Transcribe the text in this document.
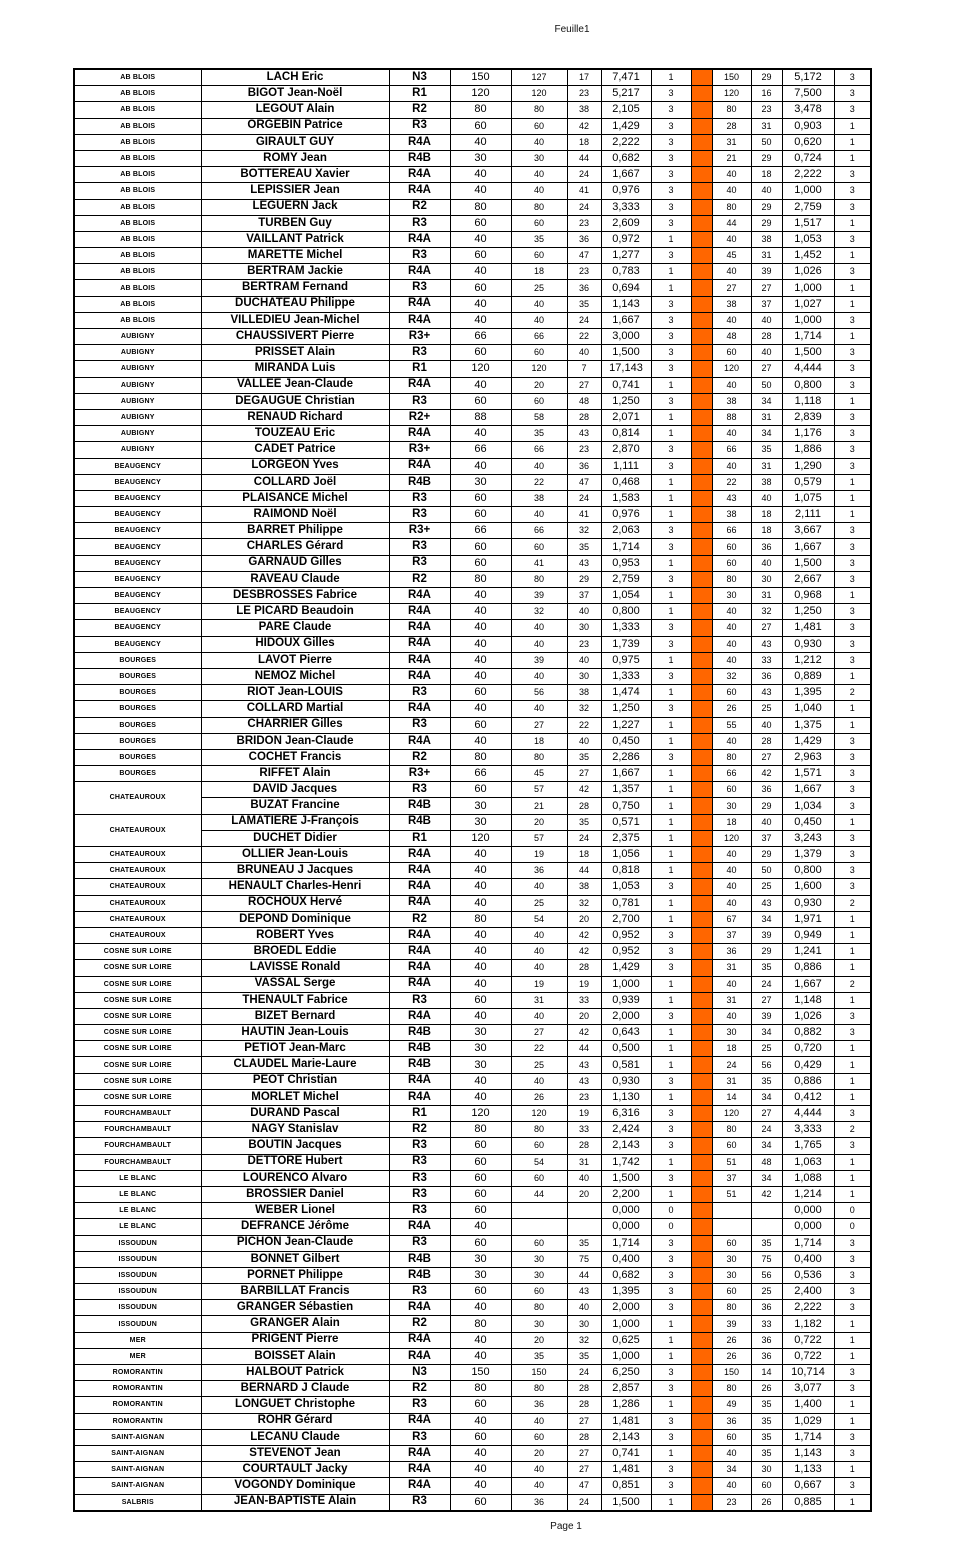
Feuille1
AB BLOIS	LACH Eric	N3	150	127	17	7,471	1		150	29	5,172	3
AB BLOIS	BIGOT Jean-Noël	R1	120	120	23	5,217	3		120	16	7,500	3
AB BLOIS	LEGOUT Alain	R2	80	80	38	2,105	3		80	23	3,478	3
AB BLOIS	ORGEBIN Patrice	R3	60	60	42	1,429	3		28	31	0,903	1
AB BLOIS	GIRAULT GUY	R4A	40	40	18	2,222	3		31	50	0,620	1
AB BLOIS	ROMY Jean	R4B	30	30	44	0,682	3		21	29	0,724	1
AB BLOIS	BOTTEREAU Xavier	R4A	40	40	24	1,667	3		40	18	2,222	3
AB BLOIS	LEPISSIER Jean	R4A	40	40	41	0,976	3		40	40	1,000	3
AB BLOIS	LEGUERN Jack	R2	80	80	24	3,333	3		80	29	2,759	3
AB BLOIS	TURBEN Guy	R3	60	60	23	2,609	3		44	29	1,517	1
AB BLOIS	VAILLANT Patrick	R4A	40	35	36	0,972	1		40	38	1,053	3
AB BLOIS	MARETTE Michel	R3	60	60	47	1,277	3		45	31	1,452	1
AB BLOIS	BERTRAM Jackie	R4A	40	18	23	0,783	1		40	39	1,026	3
AB BLOIS	BERTRAM Fernand	R3	60	25	36	0,694	1		27	27	1,000	1
AB BLOIS	DUCHATEAU Philippe	R4A	40	40	35	1,143	3		38	37	1,027	1
AB BLOIS	VILLEDIEU Jean-Michel	R4A	40	40	24	1,667	3		40	40	1,000	3
AUBIGNY	CHAUSSIVERT Pierre	R3+	66	66	22	3,000	3		48	28	1,714	1
AUBIGNY	PRISSET Alain	R3	60	60	40	1,500	3		60	40	1,500	3
AUBIGNY	MIRANDA Luis	R1	120	120	7	17,143	3		120	27	4,444	3
AUBIGNY	VALLEE Jean-Claude	R4A	40	20	27	0,741	1		40	50	0,800	3
AUBIGNY	DEGAUGUE Christian	R3	60	60	48	1,250	3		38	34	1,118	1
AUBIGNY	RENAUD Richard	R2+	88	58	28	2,071	1		88	31	2,839	3
AUBIGNY	TOUZEAU Eric	R4A	40	35	43	0,814	1		40	34	1,176	3
AUBIGNY	CADET Patrice	R3+	66	66	23	2,870	3		66	35	1,886	3
BEAUGENCY	LORGEON Yves	R4A	40	40	36	1,111	3		40	31	1,290	3
BEAUGENCY	COLLARD Joël	R4B	30	22	47	0,468	1		22	38	0,579	1
BEAUGENCY	PLAISANCE Michel	R3	60	38	24	1,583	1		43	40	1,075	1
BEAUGENCY	RAIMOND Noël	R3	60	40	41	0,976	1		38	18	2,111	1
BEAUGENCY	BARRET Philippe	R3+	66	66	32	2,063	3		66	18	3,667	3
BEAUGENCY	CHARLES Gérard	R3	60	60	35	1,714	3		60	36	1,667	3
BEAUGENCY	GARNAUD Gilles	R3	60	41	43	0,953	1		60	40	1,500	3
BEAUGENCY	RAVEAU Claude	R2	80	80	29	2,759	3		80	30	2,667	3
BEAUGENCY	DESBROSSES Fabrice	R4A	40	39	37	1,054	1		30	31	0,968	1
BEAUGENCY	LE PICARD Beaudoin	R4A	40	32	40	0,800	1		40	32	1,250	3
BEAUGENCY	PARE Claude	R4A	40	40	30	1,333	3		40	27	1,481	3
BEAUGENCY	HIDOUX Gilles	R4A	40	40	23	1,739	3		40	43	0,930	3
BOURGES	LAVOT Pierre	R4A	40	39	40	0,975	1		40	33	1,212	3
BOURGES	NEMOZ Michel	R4A	40	40	30	1,333	3		32	36	0,889	1
BOURGES	RIOT Jean-LOUIS	R3	60	56	38	1,474	1		60	43	1,395	2
BOURGES	COLLARD Martial	R4A	40	40	32	1,250	3		26	25	1,040	1
BOURGES	CHARRIER Gilles	R3	60	27	22	1,227	1		55	40	1,375	1
BOURGES	BRIDON Jean-Claude	R4A	40	18	40	0,450	1		40	28	1,429	3
BOURGES	COCHET Francis	R2	80	80	35	2,286	3		80	27	2,963	3
BOURGES	RIFFET Alain	R3+	66	45	27	1,667	1		66	42	1,571	3
CHATEAUROUX	DAVID Jacques	R3	60	57	42	1,357	1		60	36	1,667	3
	BUZAT Francine	R4B	30	21	28	0,750	1		30	29	1,034	3
CHATEAUROUX	LAMATIERE J-François	R4B	30	20	35	0,571	1		18	40	0,450	1
	DUCHET Didier	R1	120	57	24	2,375	1		120	37	3,243	3
CHATEAUROUX	OLLIER Jean-Louis	R4A	40	19	18	1,056	1		40	29	1,379	3
CHATEAUROUX	BRUNEAU J Jacques	R4A	40	36	44	0,818	1		40	50	0,800	3
CHATEAUROUX	HENAULT Charles-Henri	R4A	40	40	38	1,053	3		40	25	1,600	3
CHATEAUROUX	ROCHOUX Hervé	R4A	40	25	32	0,781	1		40	43	0,930	2
CHATEAUROUX	DEPOND Dominique	R2	80	54	20	2,700	1		67	34	1,971	1
CHATEAUROUX	ROBERT Yves	R4A	40	40	42	0,952	3		37	39	0,949	1
COSNE SUR LOIRE	BROEDL Eddie	R4A	40	40	42	0,952	3		36	29	1,241	1
COSNE SUR LOIRE	LAVISSE Ronald	R4A	40	40	28	1,429	3		31	35	0,886	1
COSNE SUR LOIRE	VASSAL Serge	R4A	40	19	19	1,000	1		40	24	1,667	2
COSNE SUR LOIRE	THENAULT Fabrice	R3	60	31	33	0,939	1		31	27	1,148	1
COSNE SUR LOIRE	BIZET Bernard	R4A	40	40	20	2,000	3		40	39	1,026	3
COSNE SUR LOIRE	HAUTIN Jean-Louis	R4B	30	27	42	0,643	1		30	34	0,882	3
COSNE SUR LOIRE	PETIOT Jean-Marc	R4B	30	22	44	0,500	1		18	25	0,720	1
COSNE SUR LOIRE	CLAUDEL Marie-Laure	R4B	30	25	43	0,581	1		24	56	0,429	1
COSNE SUR LOIRE	PEOT Christian	R4A	40	40	43	0,930	3		31	35	0,886	1
COSNE SUR LOIRE	MORLET Michel	R4A	40	26	23	1,130	1		14	34	0,412	1
FOURCHAMBAULT	DURAND Pascal	R1	120	120	19	6,316	3		120	27	4,444	3
FOURCHAMBAULT	NAGY Stanislav	R2	80	80	33	2,424	3		80	24	3,333	2
FOURCHAMBAULT	BOUTIN Jacques	R3	60	60	28	2,143	3		60	34	1,765	3
FOURCHAMBAULT	DETTORE Hubert	R3	60	54	31	1,742	1		51	48	1,063	1
LE BLANC	LOURENCO Alvaro	R3	60	60	40	1,500	3		37	34	1,088	1
LE BLANC	BROSSIER Daniel	R3	60	44	20	2,200	1		51	42	1,214	1
LE BLANC	WEBER Lionel	R3	60			0,000	0				0,000	0
LE BLANC	DEFRANCE Jérôme	R4A	40			0,000	0				0,000	0
ISSOUDUN	PICHON Jean-Claude	R3	60	60	35	1,714	3		60	35	1,714	3
ISSOUDUN	BONNET Gilbert	R4B	30	30	75	0,400	3		30	75	0,400	3
ISSOUDUN	PORNET Philippe	R4B	30	30	44	0,682	3		30	56	0,536	3
ISSOUDUN	BARBILLAT Francis	R3	60	60	43	1,395	3		60	25	2,400	3
ISSOUDUN	GRANGER Sébastien	R4A	40	80	40	2,000	3		80	36	2,222	3
ISSOUDUN	GRANGER Alain	R2	80	30	30	1,000	1		39	33	1,182	1
MER	PRIGENT Pierre	R4A	40	20	32	0,625	1		26	36	0,722	1
MER	BOISSET Alain	R4A	40	35	35	1,000	1		26	36	0,722	1
ROMORANTIN	HALBOUT Patrick	N3	150	150	24	6,250	3		150	14	10,714	3
ROMORANTIN	BERNARD J Claude	R2	80	80	28	2,857	3		80	26	3,077	3
ROMORANTIN	LONGUET Christophe	R3	60	36	28	1,286	1		49	35	1,400	1
ROMORANTIN	ROHR Gérard	R4A	40	40	27	1,481	3		36	35	1,029	1
SAINT-AIGNAN	LECANU Claude	R3	60	60	28	2,143	3		60	35	1,714	3
SAINT-AIGNAN	STEVENOT Jean	R4A	40	20	27	0,741	1		40	35	1,143	3
SAINT-AIGNAN	COURTAULT Jacky	R4A	40	40	27	1,481	3		34	30	1,133	1
SAINT-AIGNAN	VOGONDY Dominique	R4A	40	40	47	0,851	3		40	60	0,667	3
SALBRIS	JEAN-BAPTISTE Alain	R3	60	36	24	1,500	1		23	26	0,885	1
Page 1
